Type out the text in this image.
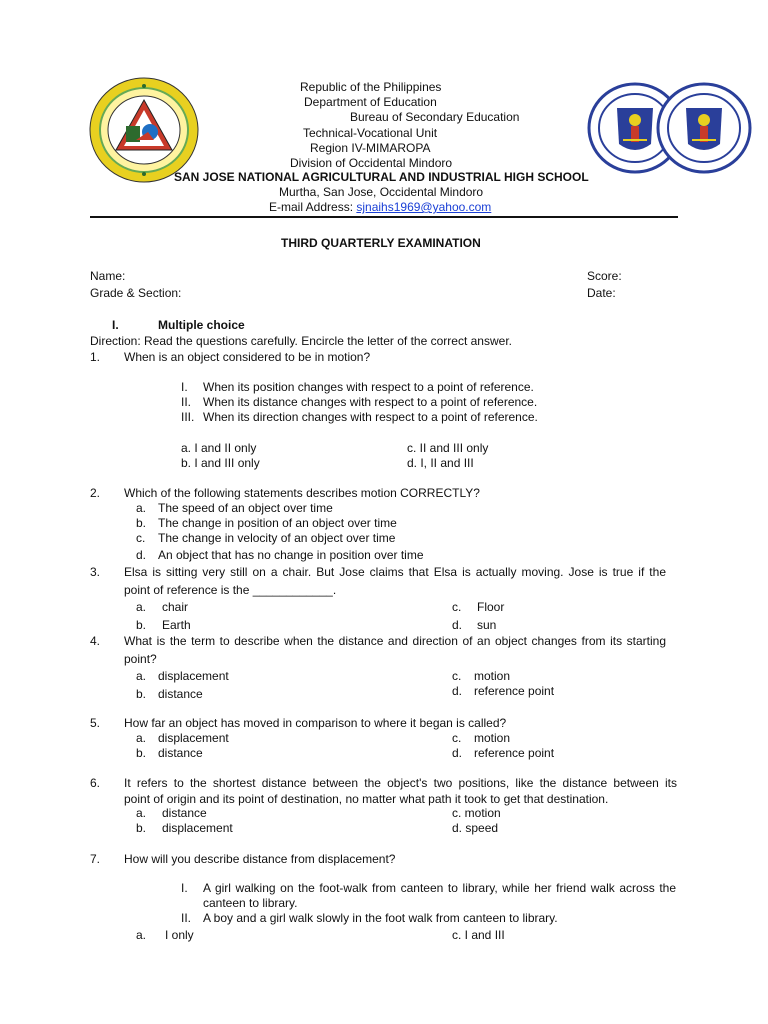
Republic of the Philippines
Department of Education
Bureau of Secondary Education
Technical-Vocational Unit
Region IV-MIMAROPA
Division of Occidental Mindoro
SAN JOSE NATIONAL AGRICULTURAL AND INDUSTRIAL HIGH SCHOOL
Murtha, San Jose, Occidental Mindoro
E-mail Address: sjnaihs1969@yahoo.com
THIRD QUARTERLY EXAMINATION
Name:
Grade & Section:
Score:
Date:
I.	Multiple choice
Direction: Read the questions carefully. Encircle the letter of the correct answer.
1. When is an object considered to be in motion?
I. When its position changes with respect to a point of reference.
II. When its distance changes with respect to a point of reference.
III. When its direction changes with respect to a point of reference.
a. I and II only
b. I and III only
c. II and III only
d. I, II and III
2. Which of the following statements describes motion CORRECTLY?
a. The speed of an object over time
b. The change in position of an object over time
c. The change in velocity of an object over time
d. An object that has no change in position over time
3. Elsa is sitting very still on a chair. But Jose claims that Elsa is actually moving. Jose is true if the
point of reference is the ____________.
a. chair
b. Earth
c. Floor
d. sun
4. What is the term to describe when the distance and direction of an object changes from its starting
point?
a. displacement
b. distance
c. motion
d. reference point
5. How far an object has moved in comparison to where it began is called?
a. displacement
b. distance
c. motion
d. reference point
6. It refers to the shortest distance between the object's two positions, like the distance between its
point of origin and its point of destination, no matter what path it took to get that destination.
a. distance
b. displacement
c. motion
d. speed
7. How will you describe distance from displacement?
I. A girl walking on the foot-walk from canteen to library, while her friend walk across the
canteen to library.
II. A boy and a girl walk slowly in the foot walk from canteen to library.
a. I only	c. I and III
